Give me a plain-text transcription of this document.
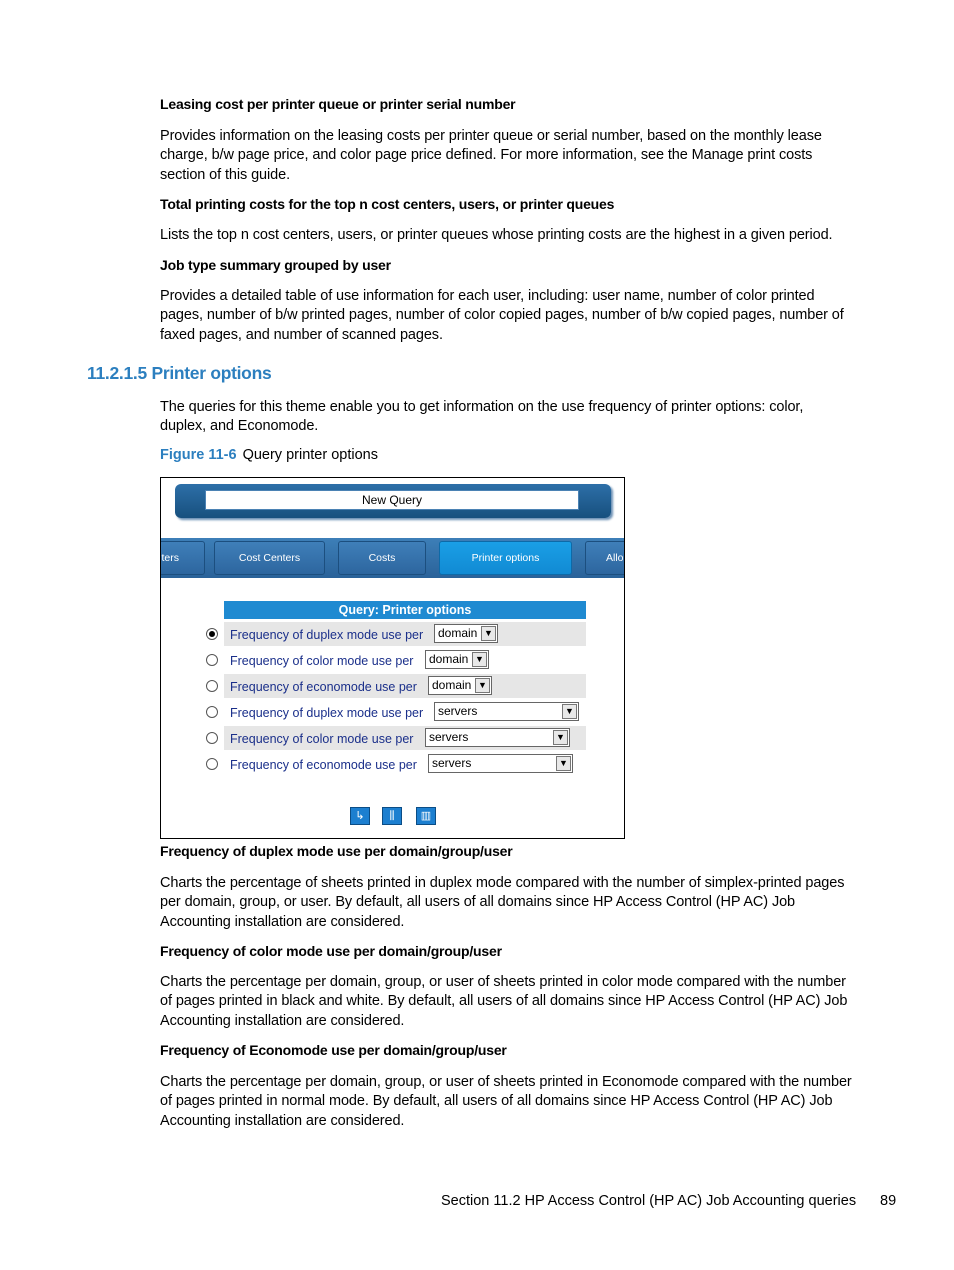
Leasing cost per printer queue or printer serial number
Provides information on the leasing costs per printer queue or serial number, based on the monthly lease
charge, b/w page price, and color page price defined. For more information, see the Manage print costs
section of this guide.
Total printing costs for the top n cost centers, users, or printer queues
Lists the top n cost centers, users, or printer queues whose printing costs are the highest in a given period.
Job type summary grouped by user
Provides a detailed table of use information for each user, including: user name, number of color printed
pages, number of b/w printed pages, number of color copied pages, number of b/w copied pages, number of
faxed pages, and number of scanned pages.
11.2.1.5 Printer options
The queries for this theme enable you to get information on the use frequency of printer options: color,
duplex, and Economode.
Figure 11-6 Query printer options
New Query
ters	Cost Centers	Costs	Printer options	Allo
Query: Printer options
Frequency of duplex mode use per	domain ▼
Frequency of color mode use per	domain ▼
Frequency of economode use per	domain ▼
Frequency of duplex mode use per	servers	▼
Frequency of color mode use per	servers	▼
Frequency of economode use per	servers	▼
↳	⫼	▥
Frequency of duplex mode use per domain/group/user
Charts the percentage of sheets printed in duplex mode compared with the number of simplex-printed pages
per domain, group, or user. By default, all users of all domains since HP Access Control (HP AC) Job
Accounting installation are considered.
Frequency of color mode use per domain/group/user
Charts the percentage per domain, group, or user of sheets printed in color mode compared with the number
of pages printed in black and white. By default, all users of all domains since HP Access Control (HP AC) Job
Accounting installation are considered.
Frequency of Economode use per domain/group/user
Charts the percentage per domain, group, or user of sheets printed in Economode compared with the number
of pages printed in normal mode. By default, all users of all domains since HP Access Control (HP AC) Job
Accounting installation are considered.
Section 11.2 HP Access Control (HP AC) Job Accounting queries 89
